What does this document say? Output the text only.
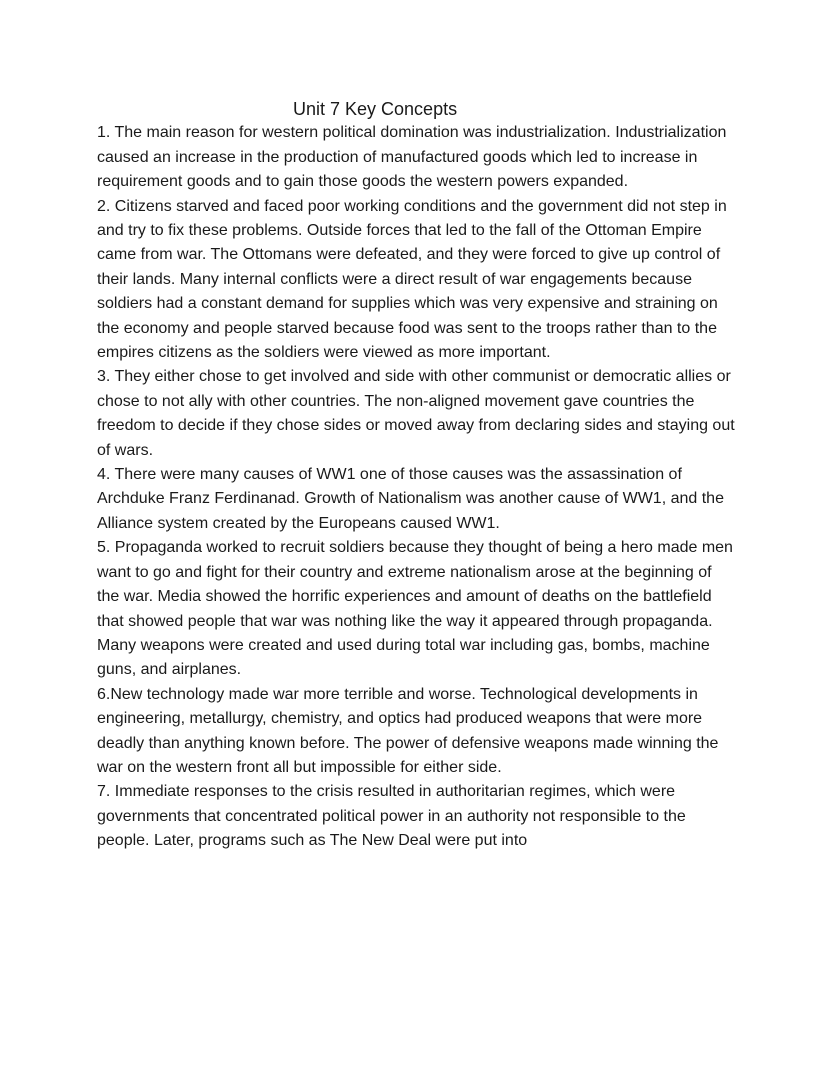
Unit 7 Key Concepts

1. The main reason for western political domination was industrialization. Industrialization caused an increase in the production of manufactured goods which led to increase in requirement goods and to gain those goods the western powers expanded.

2. Citizens starved and faced poor working conditions and the government did not step in and try to fix these problems. Outside forces that led to the fall of the Ottoman Empire came from war. The Ottomans were defeated, and they were forced to give up control of their lands. Many internal conflicts were a direct result of war engagements because soldiers had a constant demand for supplies which was very expensive and straining on the economy and people starved because food was sent to the troops rather than to the empires citizens as the soldiers were viewed as more important.

3. They either chose to get involved and side with other communist or democratic allies or chose to not ally with other countries. The non-aligned movement gave countries the freedom to decide if they chose sides or moved away from declaring sides and staying out of wars.

4. There were many causes of WW1 one of those causes was the assassination of Archduke Franz Ferdinanad. Growth of Nationalism was another cause of WW1, and the Alliance system created by the Europeans caused WW1.

5. Propaganda worked to recruit soldiers because they thought of being a hero made men want to go and fight for their country and extreme nationalism arose at the beginning of the war. Media showed the horrific experiences and amount of deaths on the battlefield that showed people that war was nothing like the way it appeared through propaganda. Many weapons were created and used during total war including gas, bombs, machine guns, and airplanes.

6.New technology made war more terrible and worse. Technological developments in engineering, metallurgy, chemistry, and optics had produced weapons that were more deadly than anything known before. The power of defensive weapons made winning the war on the western front all but impossible for either side.

7. Immediate responses to the crisis resulted in authoritarian regimes, which were governments that concentrated political power in an authority not responsible to the people. Later, programs such as The New Deal were put into
